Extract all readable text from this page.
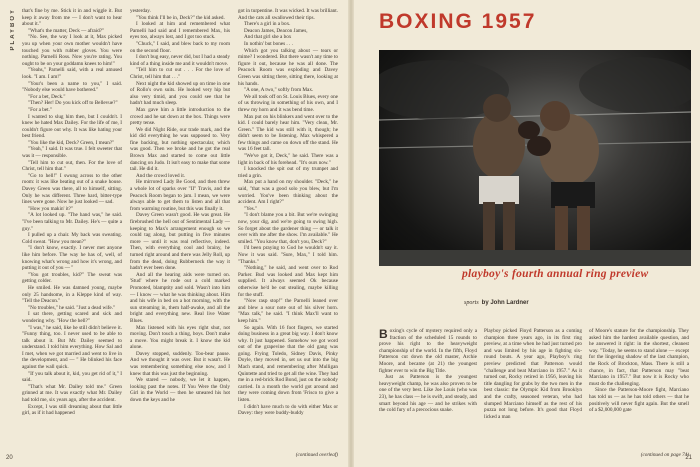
PLAYBOY that's fine by me. Stick it in and wiggle it. But keep it away from me — I don't want to hear about it."

"What's the matter, Deck — afraid?"

"No. See, the way I look at it, Max picked you up when your own mother wouldn't have touched you with rubber gloves. You were nothing. Parnelli Ross. Now you're rating. You ought to be on your goddamn knees to him!"

"Yeahs," Parnelli said, with a real amused look. "I am. I am!"

"Your's been a name to you," I said. "Nobody else would have bothered."

"For a bet, Deck."

"Then? Her! Do you kick off to Bellevue?"

"For a bet."

I wanted to slug him then, but I couldn't. I knew he hated Max Dailey. For the life of me, I couldn't figure out why. It was like hating your best friend.

"You like the kid, Deck? Green, I mean?"

"Yeah," I said. It was true. I felt sweeter that was it — responsible.

"Tell him to cut out, then. For the love of Christ, tell him that."

"Go to hell!" I swung across to the other room: it was like beating out of a snake house. Davey Green was there, all to himself, sitting. Only he was different. Three hard, bitter-type lines were gone. Now he just looked — sad.

"How you makin' it?"

"A lot looked up. "The hand was," he said. "I've been talking to Mr. Dailey. He's — quite a guy."

I pulled up a chair. My back was sweating. Cold sweat. "How you mean?"

"I don't know, exactly. I never met anyone like him before. The way he has of, well, of knowing what's wrong and how it's wrong, and putting it out of you — "

"You got troubles, kid?" The sweat was getting colder.

He smiled. He was damned young, maybe only 25 handsome, in a Kleppe kind of way. "Tell the Deacon."

"No troubles," he said. "Just a dead wife."

I sat there, getting scared and sick and wondering why. "How the hell?"

"I was," he said, like he still didn't believe it. "Funny thing, too. I never used to be able to talk about it. But Mr. Dailey seemed to understand. I told him everything. How Sal and I met, when we got married and went to live in the development, and — " He blinked his face against the wall quick.

"If you talk about it, kid, you get rid of it," I said.

"That's what Mr. Dailey told me." Green grinned at me. It was exactly what Mr. Dailey had told me, six years ago, after the accident.

Except, I was still dreaming about that little girl, as if it had happened

yesterday.

"You think I'll be in, Deck?" the kid asked.

I looked at him and remembered what Parnelli had said and I remembered Max, his eyes too, always lost, and I got too stuck.

"Chuck," I said, and blew back to my room on the second floor.

I don't bug easy, never did, but I had a steady kind of a thing inside me and it wouldn't move.

"Tell him to cut out . . . For the love of Christ, tell him that . . ."

Next night the kid showed up on time in one of Rollo's own suits. He looked very hip but also very timid, and you could see that he hadn't had much sleep.

Max gave him a little introduction to the crowd and he sat down at the box. Things were pretty tense.

We did Night Ride, our trade mark, and the kid did everything he was supposed to. Very fine backing, but nothing spectacular, which was good. Then we broke and he got the real Brown Max and started to come out little dancing on Judo. It isn't easy to make that some tail. He did it.

And the crowd loved it.

He mirrored Lady Be Good, and then threw a whole lot of sparks over "II" Travis, and the Peacock Room began to jam. I mean, we were always able to get them to listen and all that from warming routine, but this was finally it.

Davey Green wasn't good. He was great. He firebrushed the hell out of Sentimental Lady — keeping to Max's arrangement enough so we could tag along, but putting in five minutes more — until it was real reflective, indeed. Then, with everything cool and brainy, he turned right around and there was Jelly Roll, up from the dead, doing Rubberneck the way it hadn't ever been done.

And all the hearing aids were turned on. 'Stud' where he rode out a cold marked Promoted, blamptity and sold. Wasn't into him — I know — what he was thinking about. Him and his wife in bed on a hot morning, with the sun streaming in, them half-awake, and all the bright and everything new. Real live Water Blues.

Max listened with his eyes right shut, not moving. Don't touch a thing, boys. Don't make a move. You might break it. I know the kid alone.

Davey stopped, suddenly. Too-bear pause. And we thought it was over. But it wasn't. He was remembering something else now, and I knew that this was just the beginning.

We stared — nobody, we let it happen, looking past the notes. If You Were the Only Girl in the World — then he smeared his hot down the keys and he

got in turpentine. It was wicked. It was brilliant. And the cats all swallowed their tips.

There's a girl in a box.

Deacon James, Deacon James,

And that girl she a box

In nothin' but bones . . .

Which got you talking about — tears or mime? I wondered. But there wasn't any time to figure it out, because he was all done. The Peacock Room was exploding and Davey Green was sitting there, sitting there, looking at his hands.

"A one, A two," softly from Max.

We all took off on St. Louis Blues, every one of us throwing in something of his own, and I threw my horn and it was bend time.

Max put on his blinkers and went over to the kid. I could barely hear him. "Very clean, Mr. Green." The kid was still with it, though; he didn't seem to be listening. Max whispered a few things and came on down off the stand. He was 16 feet tall.

"We've got it, Deck," he said. There was a light in back of his forehead. "It's ours now."

I knocked the spit out of my trumpet and tried a grin.

Max put a hand on my shoulder. "Deck," he said, "that was a good solo you blew, but I'm worried. You've been thinking about the accident. Am I right?"

"Yes."

"I don't blame you a bit. But we're swinging now, your dig, and we're going to swing high. So forget about the gardener thing — or talk it over with me after the show. I'm available." He smiled. "You know that, don't you, Deck?"

I'd been praying to God he wouldn't say it. Now it was said. "Sure, Max," I told him. "Thanks."

"Nothing," he said, and went over to Rod Parker. Bud was looked and Max kept him supplied. It always seemed Ok because otherwise he'd be out stealing, maybe killing for the stuff.

"Now rasp stop!" the Parnelli leaned over and blew a sour note out of his silver horn. "Max talk," he said. "I think Max'll want to keep him."

So again. With 16 foot fingers, we started doing business in a great big way. I don't know why. It just happened. Somehow we got word out of the grapevine that the old gang was going. Frying Toledo, Sidney Davis, Pinky Doyle, they moved in, set us out into the big Mach stand, and remembering after Mulligan Quintette and tried to get all the wine. They had me in a red-brick Rod Bond, just on the nobody carried. In a month the world got around and they were coming down from 'Frisco to give a listen.

I didn't have much to do with either Max or Davey: they were buddy-buddy

(continued overleaf)
20
BOXING 1957
playboy's fourth annual ring preview
sports by John Lardner

Boxing's cycle of mystery required only a fraction of the scheduled 15 rounds to prove his right to the heavyweight championship of the world. In the fifth, Floyd Patterson cut down the old master, Archie Moore, and became (at 21) the youngest fighter ever to win the Big Title.

Just as Patterson is the youngest heavyweight champ, he was also proven to be one of the very best. Like Joe Louis (who was 23), he has class — he is swift, and steady, and smart beyond his age — and he strikes with the cold fury of a precocious snake.

Playboy picked Floyd Patterson as a coming champion three years ago, in its first ring preview, at a time when he had just turned pro and was limited by his age in fighting six-round bouts. A year ago, Playboy's ring preview predicted that Patterson would "challenge and beat Marciano in 1957." As it turned out, Rocky retired in 1956, leaving his title dangling for grabs by the two men in the best classic: the Olympic Kid from Brooklyn and the crafty, seasoned veteran, who had slumped Marciano himself as the rest of his puzza not long before. It's good that Floyd licked a man

of Moore's stature for the championship. They asked him the hardest available question, and he answered it right: in the shortest, cleanest way. "Today, he seems to stand alone — except for the lingering shadow of the last champion, the Rock of Brockton, Mass. There is still a chance, in fact, that Patterson may "beat Marciano in 1957." But now it is Rocky who must do the challenging.

Since the Patterson-Moore fight, Marciano has told us — as he has told others — that he positively will never fight again. But the smell of a $2,000,000 gate

(continued on page 74)
21
